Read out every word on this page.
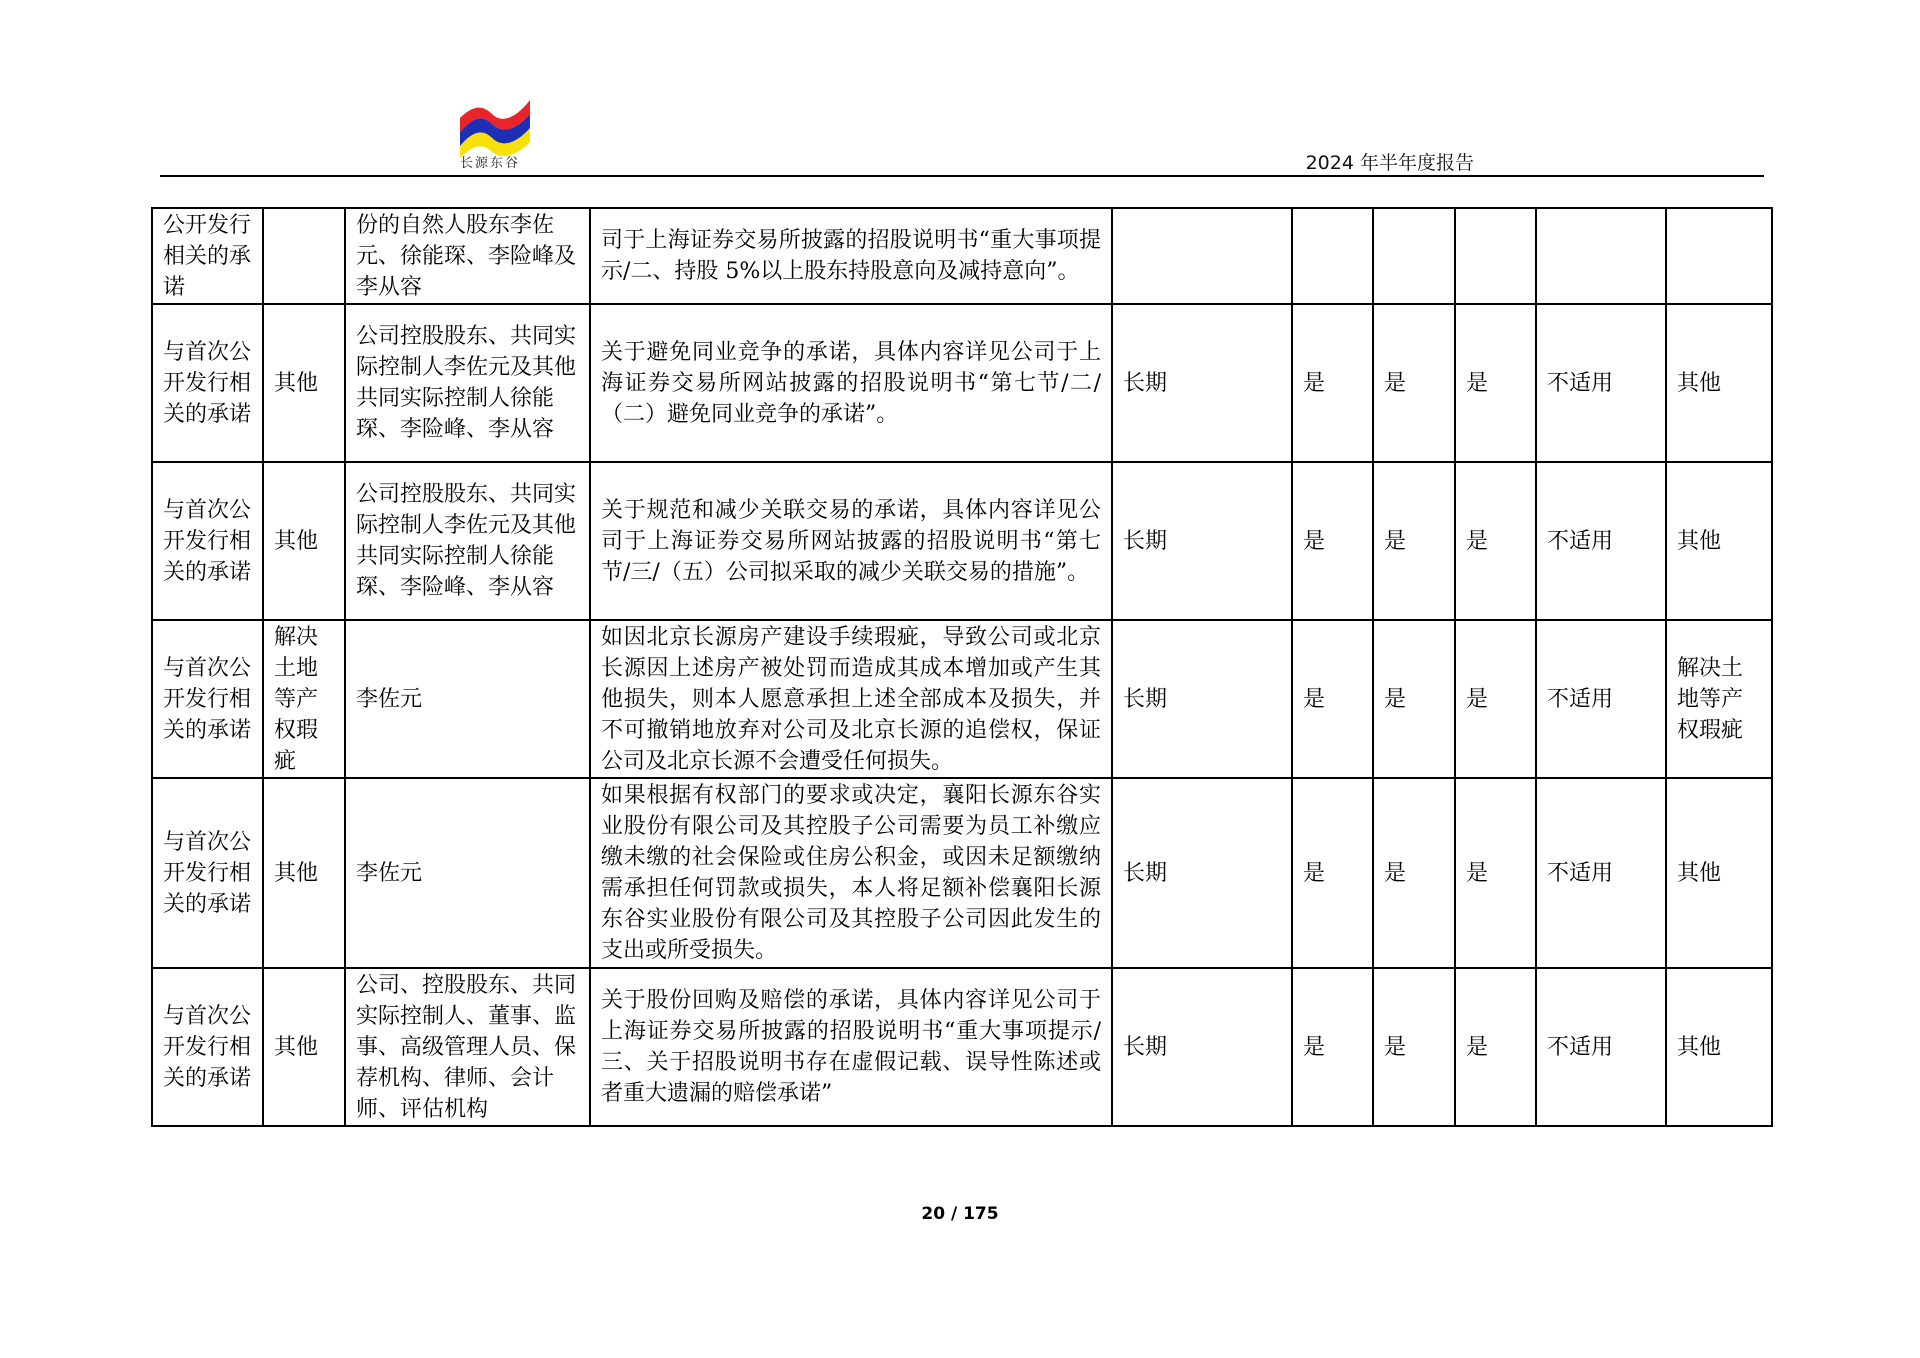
长源东谷	2024 年半年度报告
公开发行相关的承诺		份的自然人股东李佐元、徐能琛、李险峰及李从容	司于上海证券交易所披露的招股说明书“重大事项提示/二、持股 5%以上股东持股意向及减持意向”。						
与首次公开发行相关的承诺	其他	公司控股股东、共同实际控制人李佐元及其他共同实际控制人徐能琛、李险峰、李从容	关于避免同业竞争的承诺，具体内容详见公司于上海证券交易所网站披露的招股说明书“第七节/二/（二）避免同业竞争的承诺”。	长期	是	是	是	不适用	其他
与首次公开发行相关的承诺	其他	公司控股股东、共同实际控制人李佐元及其他共同实际控制人徐能琛、李险峰、李从容	关于规范和减少关联交易的承诺，具体内容详见公司于上海证券交易所网站披露的招股说明书“第七节/三/（五）公司拟采取的减少关联交易的措施”。	长期	是	是	是	不适用	其他
与首次公开发行相关的承诺	解决土地等产权瑕疵	李佐元	如因北京长源房产建设手续瑕疵，导致公司或北京长源因上述房产被处罚而造成其成本增加或产生其他损失，则本人愿意承担上述全部成本及损失，并不可撤销地放弃对公司及北京长源的追偿权，保证公司及北京长源不会遭受任何损失。	长期	是	是	是	不适用	解决土地等产权瑕疵
与首次公开发行相关的承诺	其他	李佐元	如果根据有权部门的要求或决定，襄阳长源东谷实业股份有限公司及其控股子公司需要为员工补缴应缴未缴的社会保险或住房公积金，或因未足额缴纳需承担任何罚款或损失，本人将足额补偿襄阳长源东谷实业股份有限公司及其控股子公司因此发生的支出或所受损失。	长期	是	是	是	不适用	其他
与首次公开发行相关的承诺	其他	公司、控股股东、共同实际控制人、董事、监事、高级管理人员、保荐机构、律师、会计师、评估机构	关于股份回购及赔偿的承诺，具体内容详见公司于上海证券交易所披露的招股说明书“重大事项提示/三、关于招股说明书存在虚假记载、误导性陈述或者重大遗漏的赔偿承诺”	长期	是	是	是	不适用	其他
20 / 175
